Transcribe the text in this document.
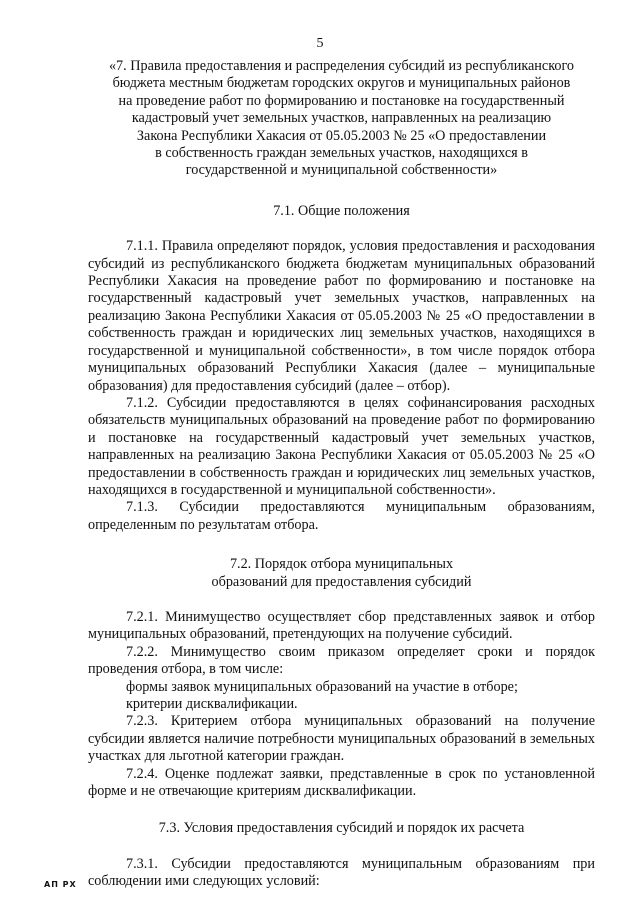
5
«7. Правила предоставления и распределения субсидий из республиканского
бюджета местным бюджетам городских округов и муниципальных районов
на проведение работ по формированию и постановке на государственный
кадастровый учет земельных участков, направленных на реализацию
Закона Республики Хакасия от 05.05.2003 № 25 «О предоставлении
в собственность граждан земельных участков, находящихся в
государственной и муниципальной собственности»
7.1. Общие положения

7.1.1. Правила определяют порядок, условия предоставления и расходования субсидий из республиканского бюджета бюджетам муниципальных образований Республики Хакасия на проведение работ по формированию и постановке на государственный кадастровый учет земельных участков, направленных на реализацию Закона Республики Хакасия от 05.05.2003 № 25 «О предоставлении в собственность граждан и юридических лиц земельных участков, находящихся в государственной и муниципальной собственности», в том числе порядок отбора муниципальных образований Республики Хакасия (далее – муниципальные образования) для предоставления субсидий (далее – отбор).

7.1.2. Субсидии предоставляются в целях софинансирования расходных обязательств муниципальных образований на проведение работ по формированию и постановке на государственный кадастровый учет земельных участков, направленных на реализацию Закона Республики Хакасия от 05.05.2003 № 25 «О предоставлении в собственность граждан и юридических лиц земельных участков, находящихся в государственной и муниципальной собственности».

7.1.3. Субсидии предоставляются муниципальным образованиям, определенным по результатам отбора.

7.2. Порядок отбора муниципальных
образований для предоставления субсидий

7.2.1. Минимущество осуществляет сбор представленных заявок и отбор муниципальных образований, претендующих на получение субсидий.

7.2.2. Минимущество своим приказом определяет сроки и порядок проведения отбора, в том числе:

формы заявок муниципальных образований на участие в отборе;

критерии дисквалификации.

7.2.3. Критерием отбора муниципальных образований на получение субсидии является наличие потребности муниципальных образований в земельных участках для льготной категории граждан.

7.2.4. Оценке подлежат заявки, представленные в срок по установленной форме и не отвечающие критериям дисквалификации.

7.3. Условия предоставления субсидий и порядок их расчета

7.3.1. Субсидии предоставляются муниципальным образованиям при соблюдении ими следующих условий:

АП РХ
